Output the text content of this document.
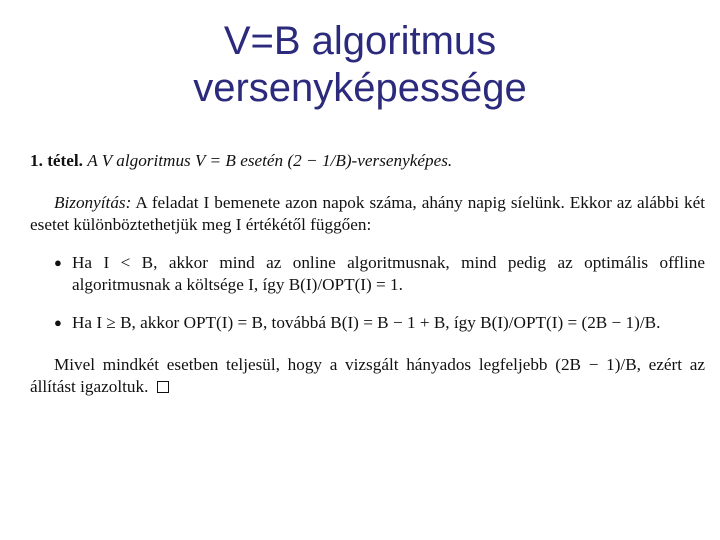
V=B algoritmus
versenyképessége

1. tétel. A V algoritmus V = B esetén (2 − 1/B)-versenyképes.

Bizonyítás: A feladat I bemenete azon napok száma, ahány napig síelünk. Ekkor az alábbi két esetet különböztethetjük meg I értékétől függően:

● Ha I < B, akkor mind az online algoritmusnak, mind pedig az optimális offline algoritmusnak a költsége I, így B(I)/OPT(I) = 1.
● Ha I ≥ B, akkor OPT(I) = B, továbbá B(I) = B − 1 + B, így B(I)/OPT(I) = (2B − 1)/B.

Mivel mindkét esetben teljesül, hogy a vizsgált hányados legfeljebb (2B − 1)/B, ezért az állítást igazoltuk.
